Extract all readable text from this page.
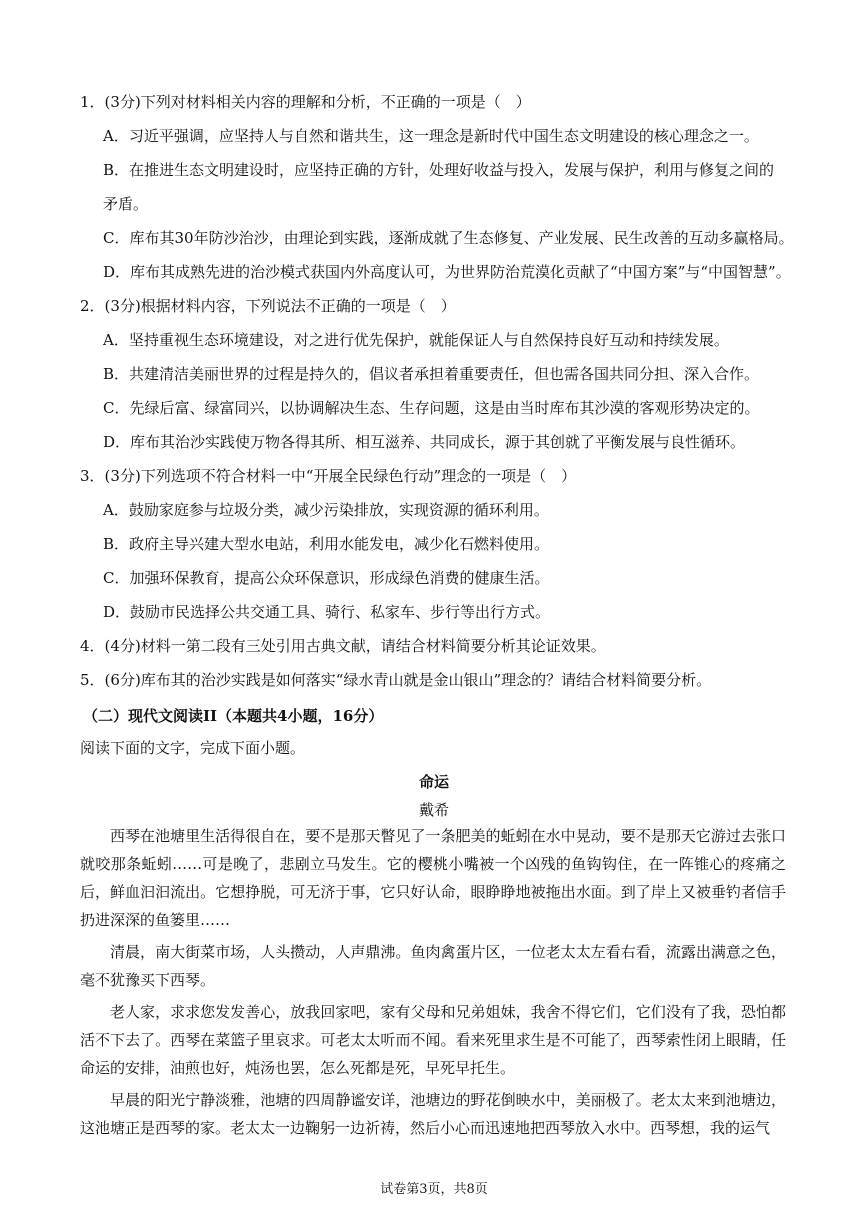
1．(3分)下列对材料相关内容的理解和分析，不正确的一项是（　）
A．习近平强调，应坚持人与自然和谐共生，这一理念是新时代中国生态文明建设的核心理念之一。
B．在推进生态文明建设时，应坚持正确的方针，处理好收益与投入，发展与保护，利用与修复之间的
矛盾。
C．库布其30年防沙治沙，由理论到实践，逐渐成就了生态修复、产业发展、民生改善的互动多赢格局。
D．库布其成熟先进的治沙模式获国内外高度认可，为世界防治荒漠化贡献了“中国方案”与“中国智慧”。
2．(3分)根据材料内容，下列说法不正确的一项是（　）
A．坚持重视生态环境建设，对之进行优先保护，就能保证人与自然保持良好互动和持续发展。
B．共建清洁美丽世界的过程是持久的，倡议者承担着重要责任，但也需各国共同分担、深入合作。
C．先绿后富、绿富同兴，以协调解决生态、生存问题，这是由当时库布其沙漠的客观形势决定的。
D．库布其治沙实践使万物各得其所、相互滋养、共同成长，源于其创就了平衡发展与良性循环。
3．(3分)下列选项不符合材料一中“开展全民绿色行动”理念的一项是（　）
A．鼓励家庭参与垃圾分类，减少污染排放，实现资源的循环利用。
B．政府主导兴建大型水电站，利用水能发电，减少化石燃料使用。
C．加强环保教育，提高公众环保意识，形成绿色消费的健康生活。
D．鼓励市民选择公共交通工具、骑行、私家车、步行等出行方式。
4．(4分)材料一第二段有三处引用古典文献，请结合材料简要分析其论证效果。
5．(6分)库布其的治沙实践是如何落实“绿水青山就是金山银山”理念的？请结合材料简要分析。
（二）现代文阅读II（本题共4小题，16分）
阅读下面的文字，完成下面小题。
命运
戴希
西琴在池塘里生活得很自在，要不是那天瞥见了一条肥美的蚯蚓在水中晃动，要不是那天它游过去张口就咬那条蚯蚓……可是晚了，悲剧立马发生。它的樱桃小嘴被一个凶残的鱼钩钩住，在一阵锥心的疼痛之后，鲜血汩汩流出。它想挣脱，可无济于事，它只好认命，眼睁睁地被拖出水面。到了岸上又被垂钓者信手扔进深深的鱼篓里……
清晨，南大街菜市场，人头攒动，人声鼎沸。鱼肉禽蛋片区，一位老太太左看右看，流露出满意之色，毫不犹豫买下西琴。
老人家，求求您发发善心，放我回家吧，家有父母和兄弟姐妹，我舍不得它们，它们没有了我，恐怕都活不下去了。西琴在菜篮子里哀求。可老太太听而不闻。看来死里求生是不可能了，西琴索性闭上眼睛，任命运的安排，油煎也好，炖汤也罢，怎么死都是死，早死早托生。
早晨的阳光宁静淡雅，池塘的四周静谧安详，池塘边的野花倒映水中，美丽极了。老太太来到池塘边，这池塘正是西琴的家。老太太一边鞠躬一边祈祷，然后小心而迅速地把西琴放入水中。西琴想，我的运气
试卷第3页，共8页
